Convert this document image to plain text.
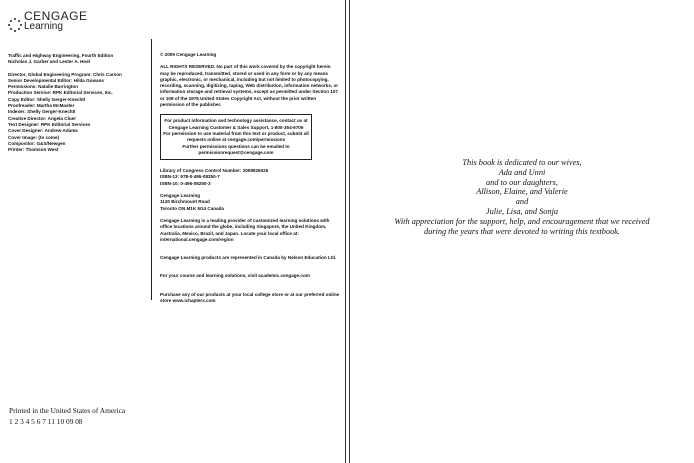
CENGAGE
Learning
Traffic and Highway Engineering, Fourth Edition
Nicholas J. Garber and Lester A. Hoel
Director, Global Engineering Program: Chris Carson
Senior Developmental Editor: Hilda Gowans
Permissions: Natalie Barrington
Production Service: RPK Editorial Services, Inc.
Copy Editor: Shelly Gerger-Knechtl
Proofreader: Martha McMaster
Indexer: Shelly Gerger-Knechtl
Creative Director: Angela Cluer
Text Designer: RPK Editorial Services
Cover Designer: Andrew Adams
Cover Image: (to come)
Compositor: G&S/Newgen
Printer: Thomson West
© 2009 Cengage Learning
ALL RIGHTS RESERVED. No part of this work covered by the copyright herein may be reproduced, transmitted, stored or used in any form or by any means graphic, electronic, or mechanical, including but not limited to photocopying, recording, scanning, digitizing, taping, Web distribution, information networks, or information storage and retrieval systems, except as permitted under Section 107 or 108 of the 1976 United States Copyright Act, without the prior written permission of the publisher.
For product information and technology assistance, contact us at
Cengage Learning Customer & Sales Support, 1-800-354-9706
For permission to use material from this text or product, submit all requests online at cengage.com/permissions
Further permissions questions can be emailed to
permissionrequest@cengage.com
Library of Congress Control Number: 2008926026
ISBN-13: 978-0-495-08250-7
ISBN-10: 0-495-08250-3
Cengage Learning
1120 Birchmount Road
Toronto ON M1K 5G4 Canada
Cengage Learning is a leading provider of customized learning solutions with office locations around the globe, including Singapore, the United Kingdom, Australia, Mexico, Brazil, and Japan. Locate your local office at: international.cengage.com/region
Cengage Learning products are represented in Canada by Nelson Education Ltd.
For your course and learning solutions, visit academic.cengage.com
Purchase any of our products at your local college store or at our preferred online store www.ichapters.com
Printed in the United States of America
1 2 3 4 5 6 7 11 10 09 08
This book is dedicated to our wives,
Ada and Unni
and to our daughters,
Allison, Elaine, and Valerie
and
Julie, Lisa, and Sonja
With appreciation for the support, help, and encouragement that we received
during the years that were devoted to writing this textbook.
